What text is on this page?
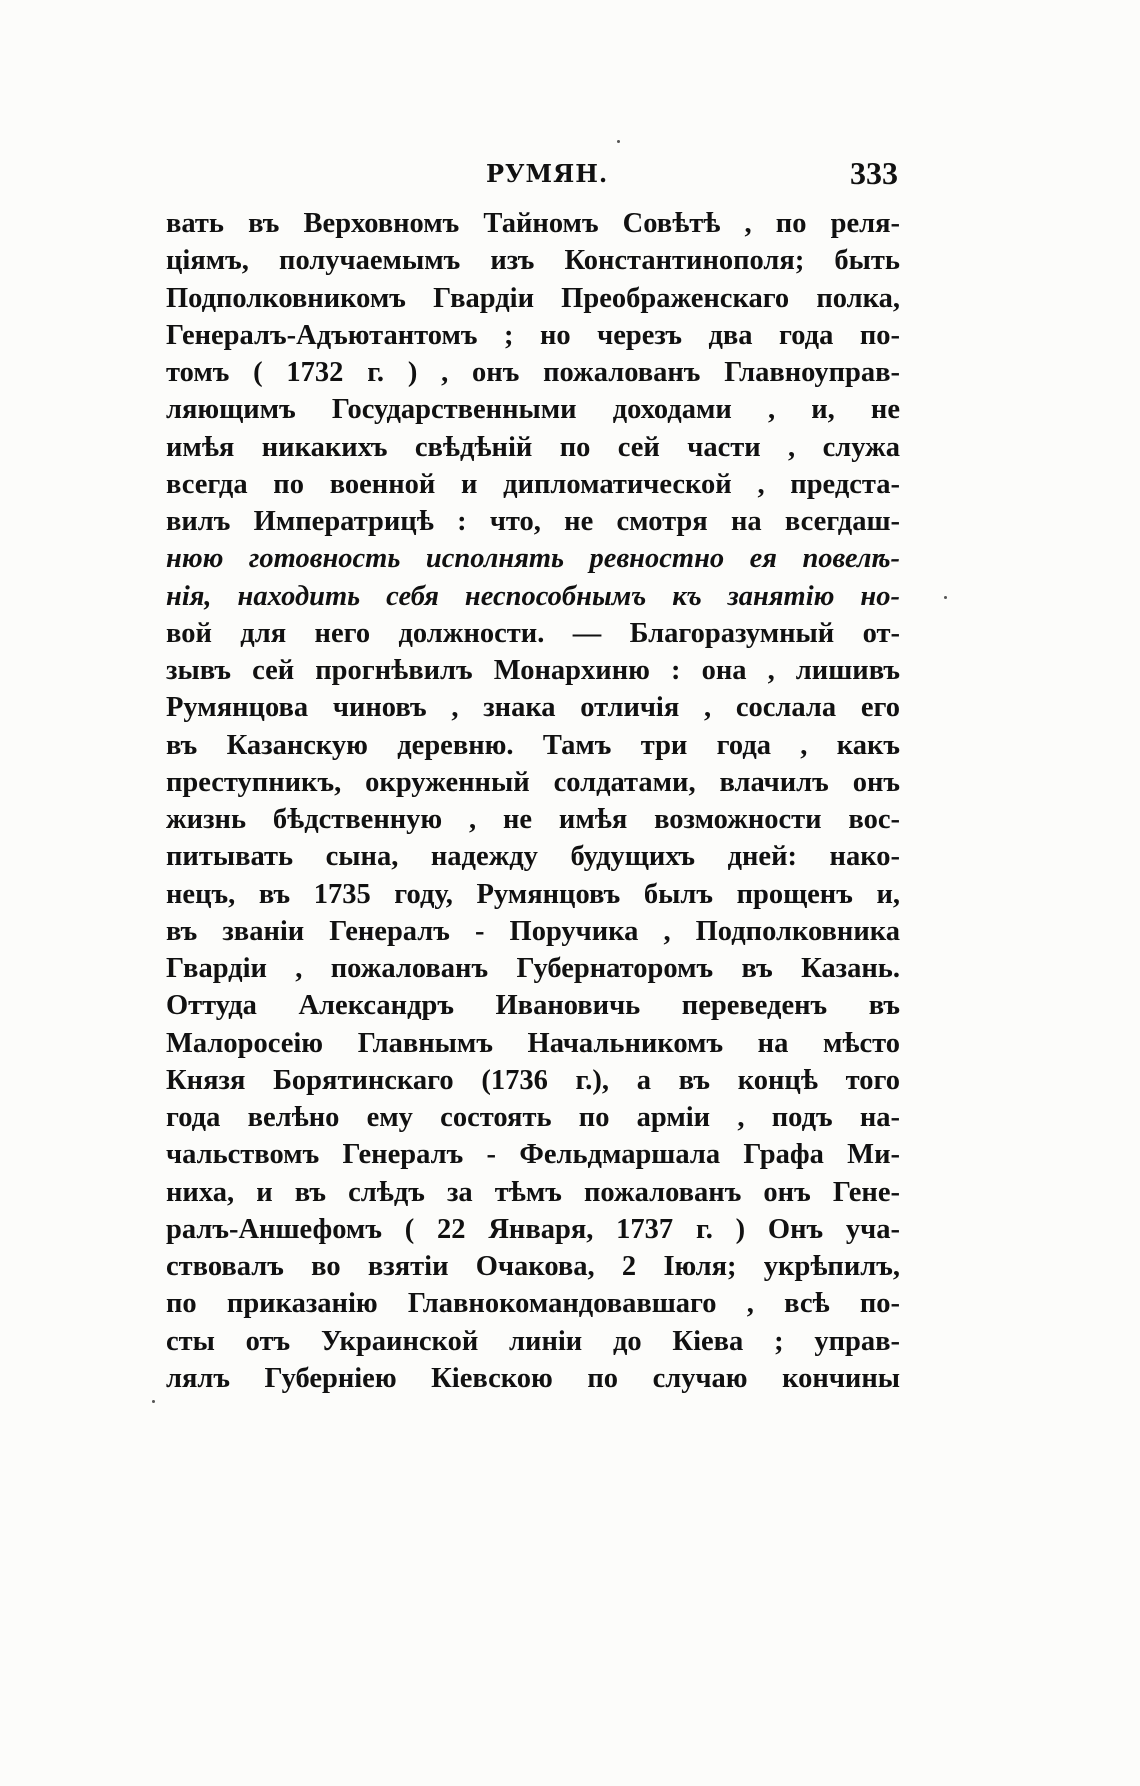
РУМЯН.	333
вать въ Верховномъ Тайномъ Совѣтѣ , по реля-
ціямъ, получаемымъ изъ Константинополя; быть
Подполковникомъ Гвардіи Преображенскаго полка,
Генералъ-Адъютантомъ ; но черезъ два года по-
томъ ( 1732 г. ) , онъ пожалованъ Главноуправ-
ляющимъ Государственными доходами , и, не
имѣя никакихъ свѣдѣній по сей части , служа
всегда по военной и дипломатической , предста-
вилъ Императрицѣ : что, не смотря на всегдаш-
нюю готовность исполнять ревностно ея повелѣ-
нія, находить себя неспособнымъ къ занятію но-
вой для него должности. — Благоразумный от-
зывъ сей прогнѣвилъ Монархиню : она , лишивъ
Румянцова чиновъ , знака отличія , сослала его
въ Казанскую деревню. Тамъ три года , какъ
преступникъ, окруженный солдатами, влачилъ онъ
жизнь бѣдственную , не имѣя возможности вос-
питывать сына, надежду будущихъ дней: нако-
нецъ, въ 1735 году, Румянцовъ былъ прощенъ и,
въ званіи Генералъ - Поручика , Подполковника
Гвардіи , пожалованъ Губернаторомъ въ Казань.
Оттуда Александръ Ивановичь переведенъ въ
Малоросеію Главнымъ Начальникомъ на мѣсто
Князя Борятинскаго (1736 г.), а въ концѣ того
года велѣно ему состоять по арміи , подъ на-
чальствомъ Генералъ - Фельдмаршала Графа Ми-
ниха, и въ слѣдъ за тѣмъ пожалованъ онъ Гене-
ралъ-Аншефомъ ( 22 Января, 1737 г. ) Онъ уча-
ствовалъ во взятіи Очакова, 2 Іюля; укрѣпилъ,
по приказанію Главнокомандовавшаго , всѣ по-
сты отъ Украинской линіи до Кіева ; управ-
лялъ Губерніею Кіевскою по случаю кончины
